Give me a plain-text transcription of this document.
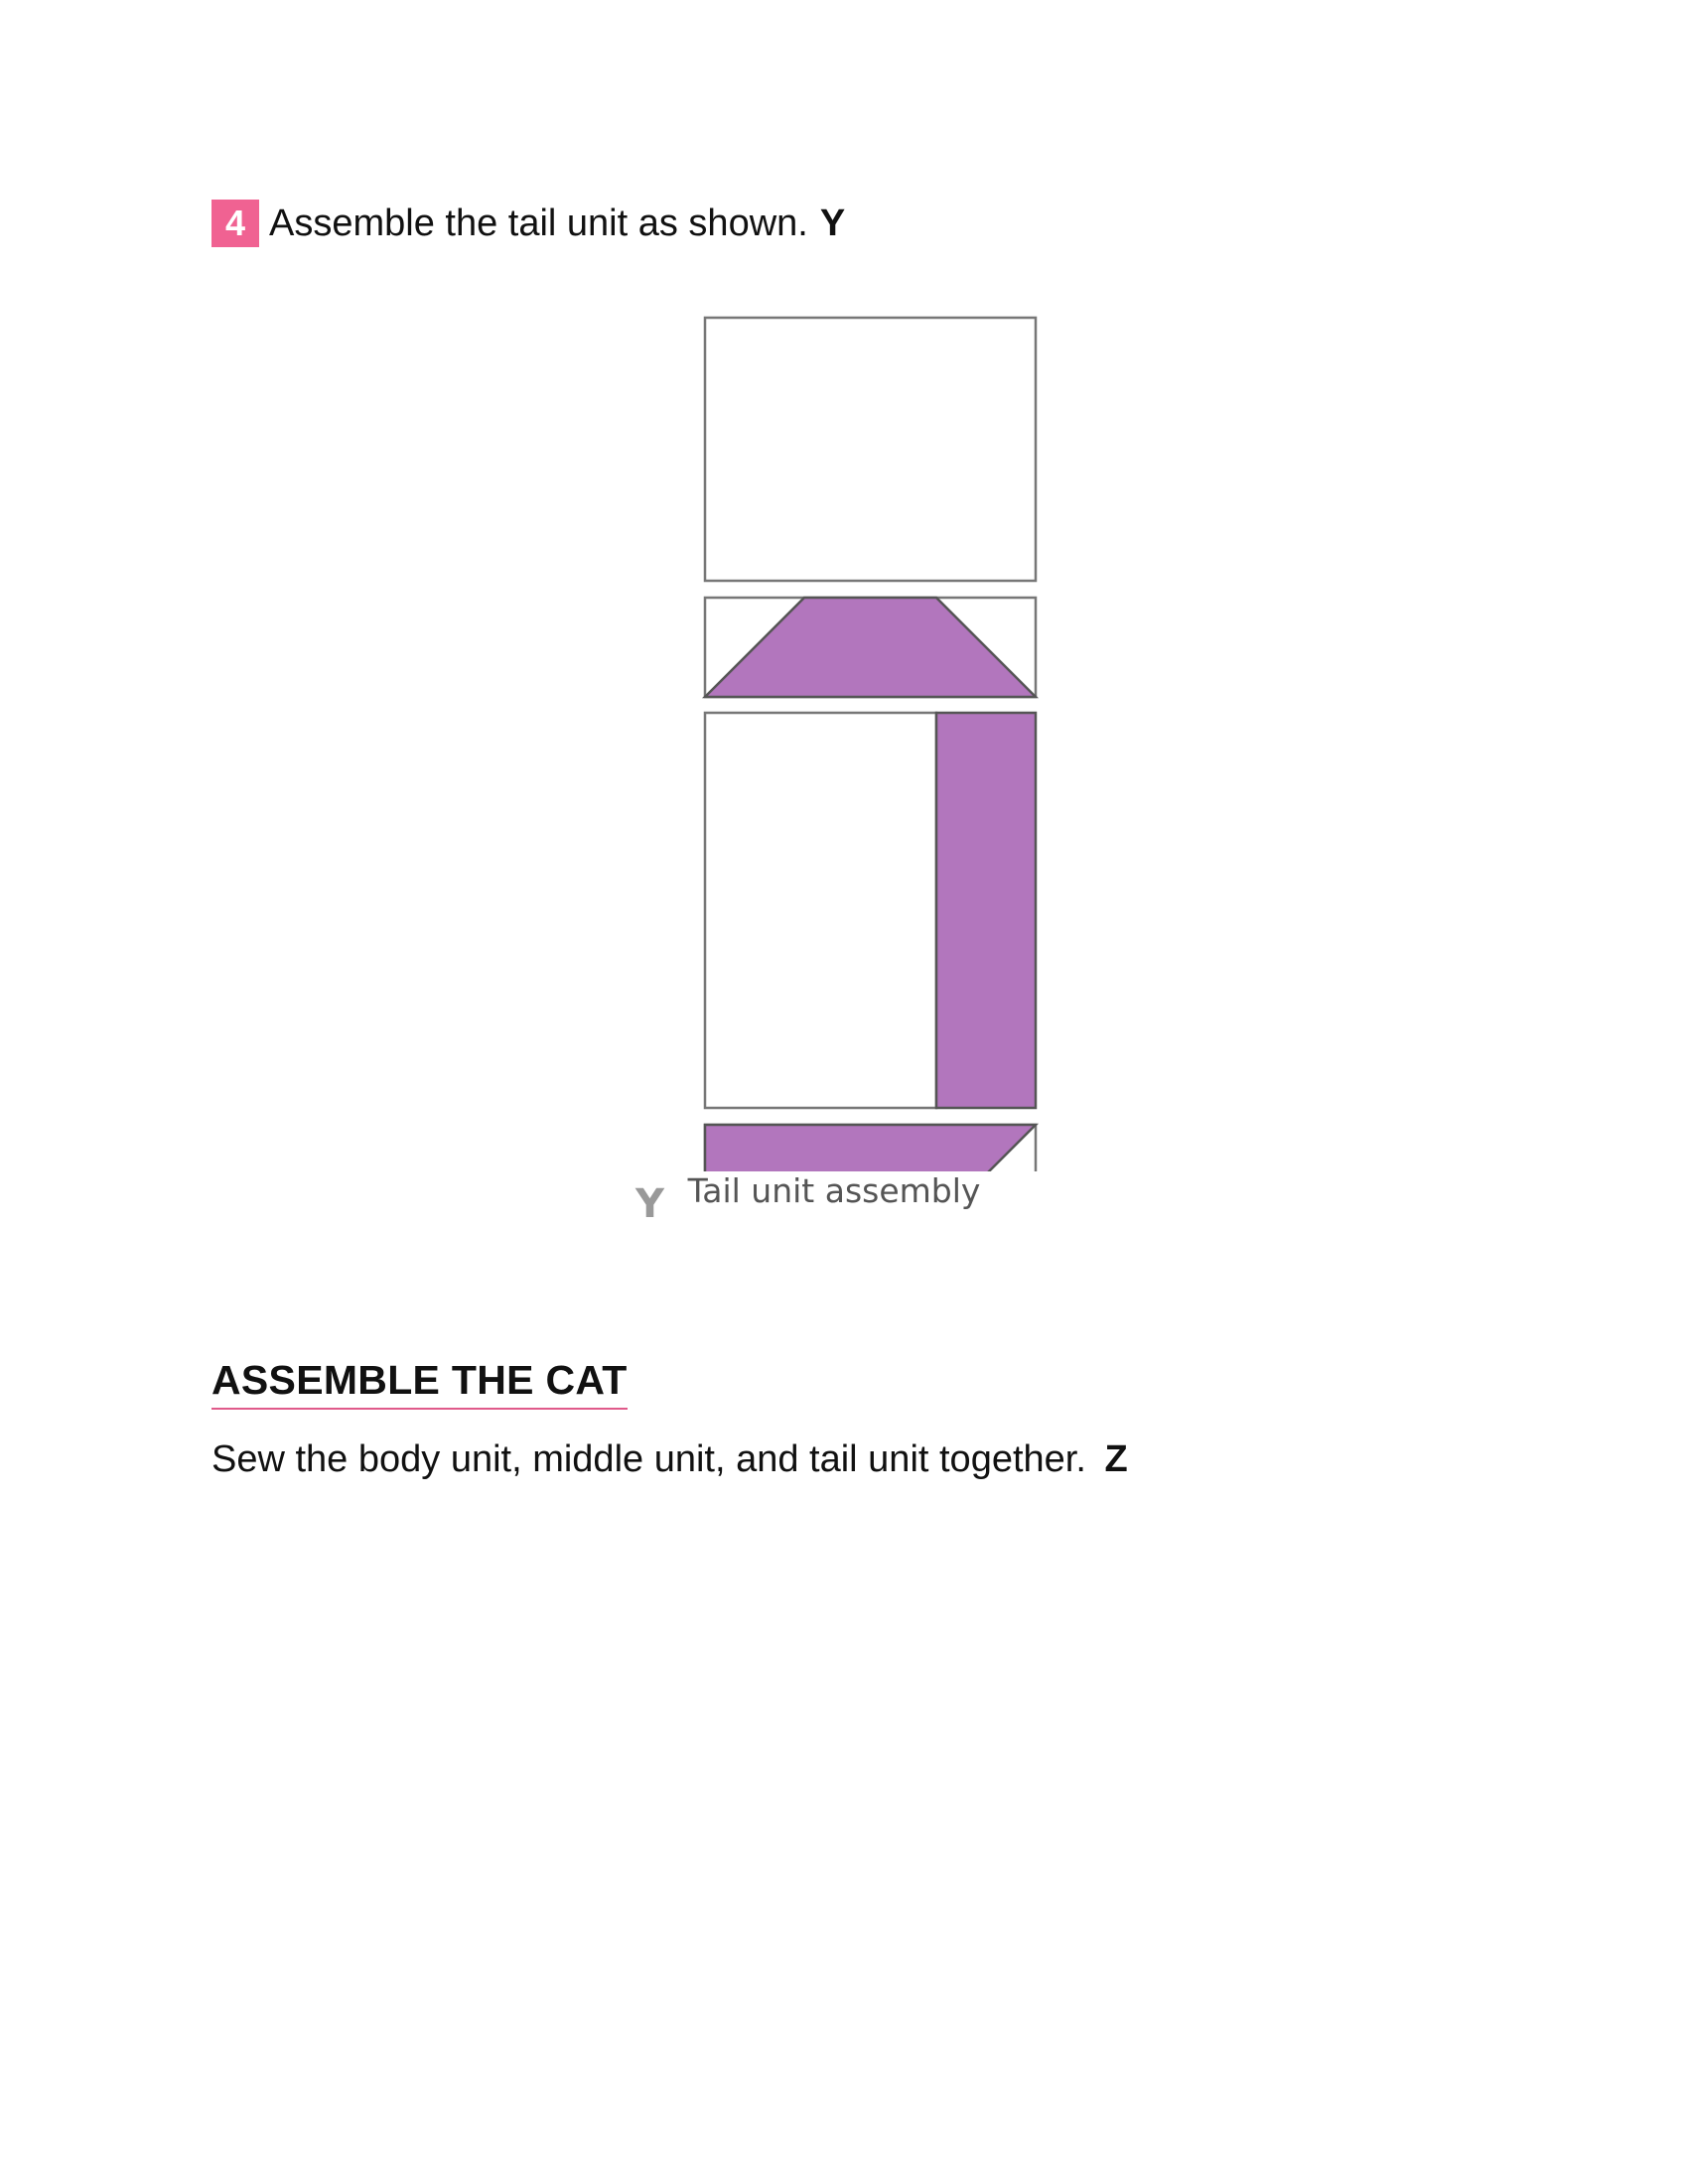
4 Assemble the tail unit as shown. Y
Y Tail unit assembly
ASSEMBLE THE CAT
Sew the body unit, middle unit, and tail unit together. Z
